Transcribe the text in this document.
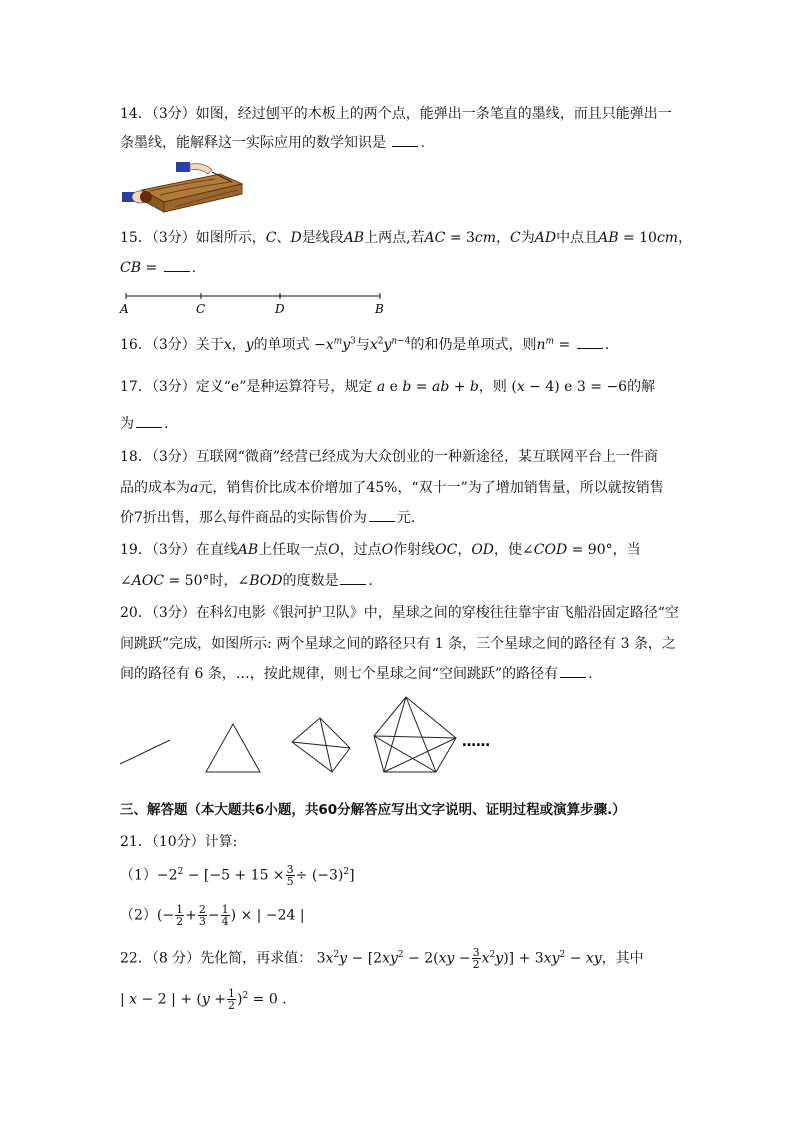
14．（3分）如图，经过刨平的木板上的两个点，能弹出一条笔直的墨线，而且只能弹出一
条墨线，能解释这一实际应用的数学知识是 .
15．（3分）如图所示，C、D是线段AB上两点,若AC = 3cm，C为AD中点且AB = 10cm，
CB = .
A	C	D	B
16．（3分）关于x，y的单项式 $-x^my^3$与$x^2y^{n-4}$的和仍是单项式，则$n^m$ = .
17．（3分）定义“e”是种运算符号，规定 a e b = ab + b，则 (x − 4) e 3 = −6的解
为 .
18．（3分）互联网“微商”经营已经成为大众创业的一种新途径，某互联网平台上一件商
品的成本为a元，销售价比成本价增加了45%，“双十一”为了增加销售量，所以就按销售
价7折出售，那么每件商品的实际售价为 元.
19．（3分）在直线AB上任取一点O，过点O作射线OC，OD，使∠COD = 90°，当
∠AOC = 50°时，∠BOD的度数是 .
20．（3分）在科幻电影《银河护卫队》中，星球之间的穿梭往往靠宇宙飞船沿固定路径“空
间跳跃”完成，如图所示: 两个星球之间的路径只有 1 条，三个星球之间的路径有 3 条，之
间的路径有 6 条，…，按此规律，则七个星球之间“空间跳跃”的路径有 .
……
三、解答题（本大题共6小题，共60分解答应写出文字说明、证明过程或演算步骤.）
21．（10分）计算:
$(1)-2^2 - [-5 + 15 \times \frac{3}{5} \div (-3)^2]$
$(2)(- \frac{1}{2} + \frac{2}{3} - \frac{1}{4}$ ) × | −24 |
22．（8 分）先化简，再求值： $3x^2y - [2xy^2 - 2(xy - \frac{3}{2} x^2y)] + 3xy^2$ − xy，其中
| x − 2 | + $(y + \frac{1}{2} )^2 = 0$ .
